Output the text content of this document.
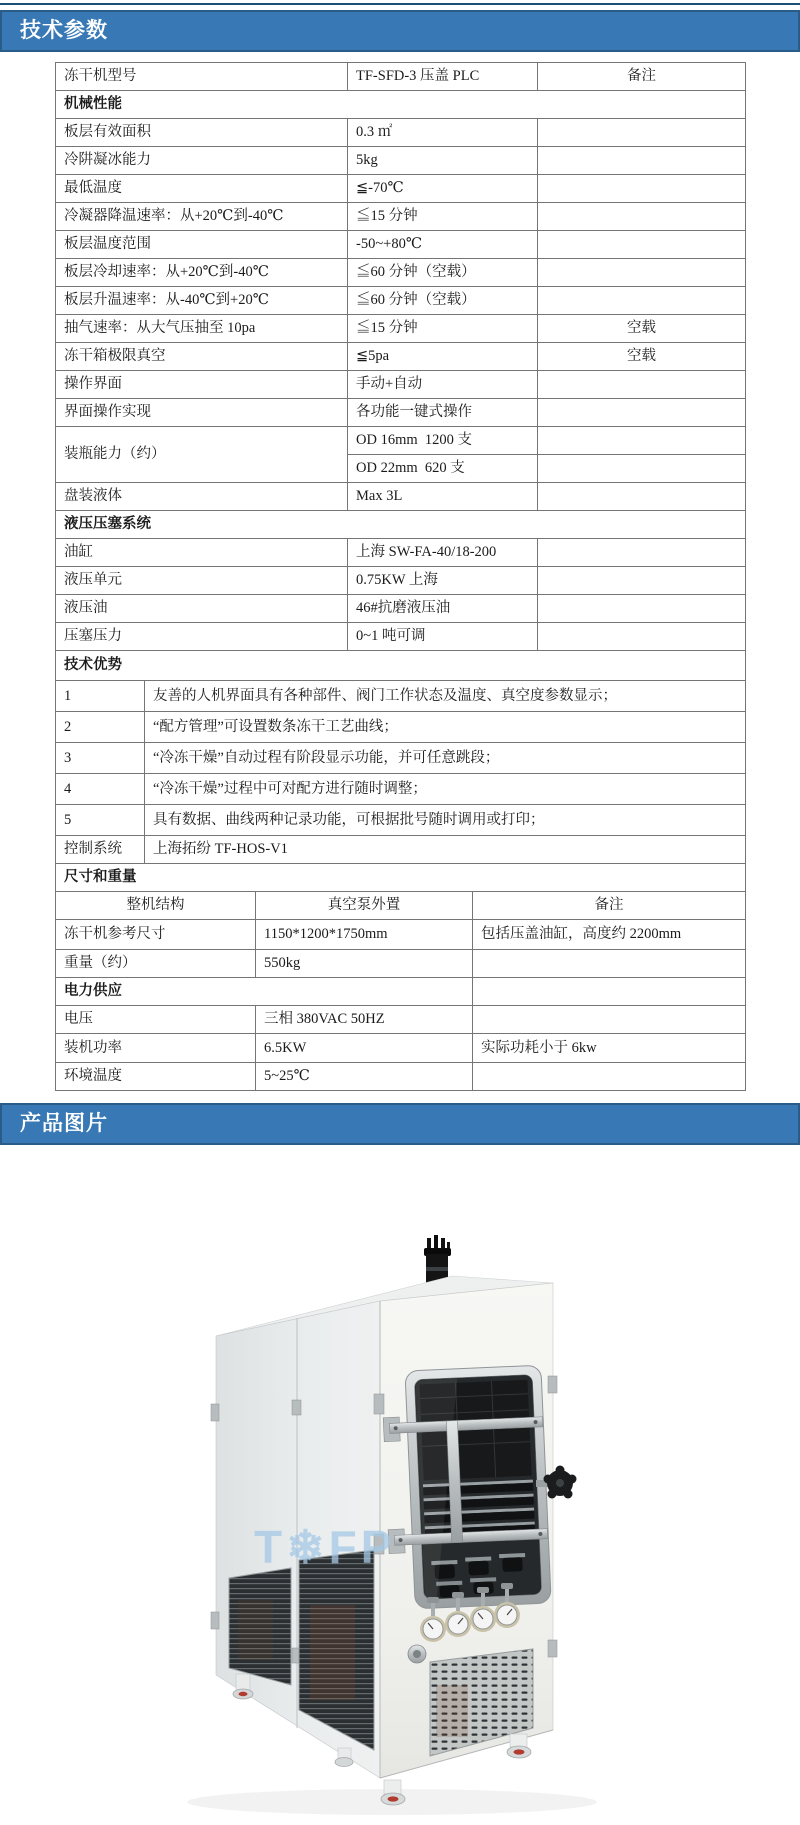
技术参数
冻干机型号	TF-SFD-3 压盖 PLC	备注
机械性能		
板层有效面积	0.3 ㎡	
冷阱凝冰能力	5kg	
最低温度	≦-70℃	
冷凝器降温速率：从+20℃到-40℃	≦15 分钟	
板层温度范围	-50~+80℃	
板层冷却速率：从+20℃到-40℃	≦60 分钟（空载）	
板层升温速率：从-40℃到+20℃	≦60 分钟（空载）	
抽气速率：从大气压抽至 10pa	≦15 分钟	空载
冻干箱极限真空	≦5pa	空载
操作界面	手动+自动	
界面操作实现	各功能一键式操作	
装瓶能力（约）	OD 16mm  1200 支	
	OD 22mm  620 支	
盘装液体	Max 3L	
液压压塞系统		
油缸	上海 SW-FA-40/18-200	
液压单元	0.75KW 上海	
液压油	46#抗磨液压油	
压塞压力	0~1 吨可调	
技术优势	
1	友善的人机界面具有各种部件、阀门工作状态及温度、真空度参数显示；
2	“配方管理”可设置数条冻干工艺曲线；
3	“冷冻干燥”自动过程有阶段显示功能，并可任意跳段；
4	“冷冻干燥”过程中可对配方进行随时调整；
5	具有数据、曲线两种记录功能，可根据批号随时调用或打印；
控制系统	上海拓纷 TF-HOS-V1
尺寸和重量		
整机结构	真空泵外置	备注
冻干机参考尺寸	1150*1200*1750mm	包括压盖油缸，高度约 2200mm
重量（约）	550kg	
电力供应		
电压	三相 380VAC 50HZ	
装机功率	6.5KW	实际功耗小于 6kw
环境温度	5~25℃	
产品图片
T❄FP
